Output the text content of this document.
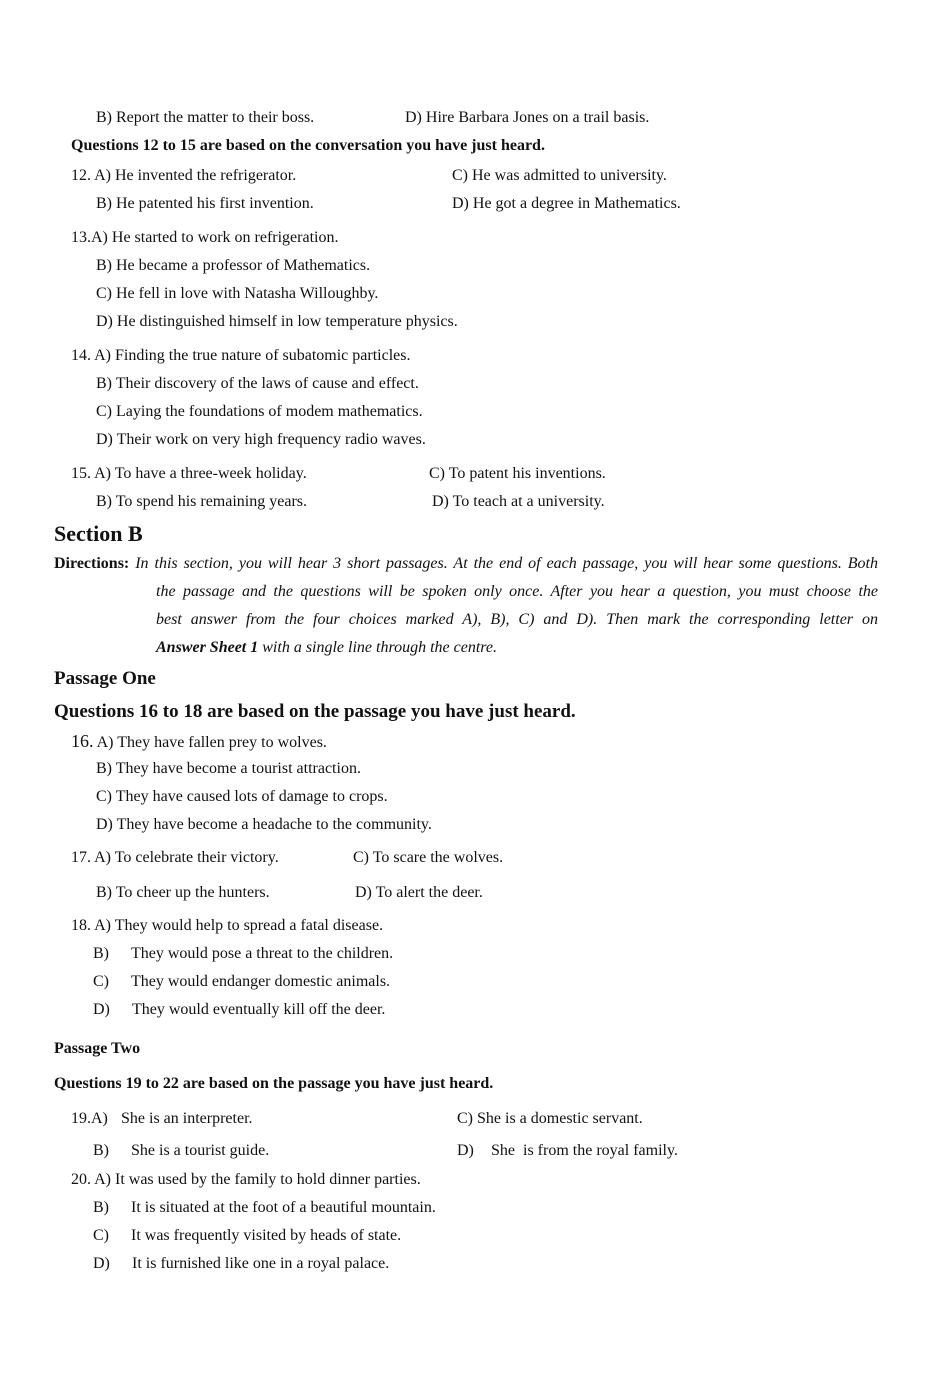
B) Report the matter to their boss.	D) Hire Barbara Jones on a trail basis.
Questions 12 to 15 are based on the conversation you have just heard.
12. A) He invented the refrigerator.	C) He was admitted to university.
B) He patented his first invention.	D) He got a degree in Mathematics.
13.A) He started to work on refrigeration.
B) He became a professor of Mathematics.
C) He fell in love with Natasha Willoughby.
D) He distinguished himself in low temperature physics.
14. A) Finding the true nature of subatomic particles.
B) Their discovery of the laws of cause and effect.
C) Laying the foundations of modem mathematics.
D) Their work on very high frequency radio waves.
15. A) To have a three-week holiday.	C) To patent his inventions.
B) To spend his remaining years.	D) To teach at a university.
Section B
Directions: In this section, you will hear 3 short passages. At the end of each passage, you will hear some questions. Both
the passage and the questions will be spoken only once. After you hear a question, you must choose the
best answer from the four choices marked A), B), C) and D). Then mark the corresponding letter on
Answer Sheet 1 with a single line through the centre.
Passage One
Questions 16 to 18 are based on the passage you have just heard.
16. A) They have fallen prey to wolves.
B) They have become a tourist attraction.
C) They have caused lots of damage to crops.
D) They have become a headache to the community.
17. A) To celebrate their victory.	C) To scare the wolves.
B) To cheer up the hunters.	D) To alert the deer.
18. A) They would help to spread a fatal disease.
B) They would pose a threat to the children.
C) They would endanger domestic animals.
D) They would eventually kill off the deer.
Passage Two
Questions 19 to 22 are based on the passage you have just heard.
19.A) She is an interpreter.	C) She is a domestic servant.
B) She is a tourist guide.	D) She  is from the royal family.
20. A) It was used by the family to hold dinner parties.
B) It is situated at the foot of a beautiful mountain.
C) It was frequently visited by heads of state.
D) It is furnished like one in a royal palace.
